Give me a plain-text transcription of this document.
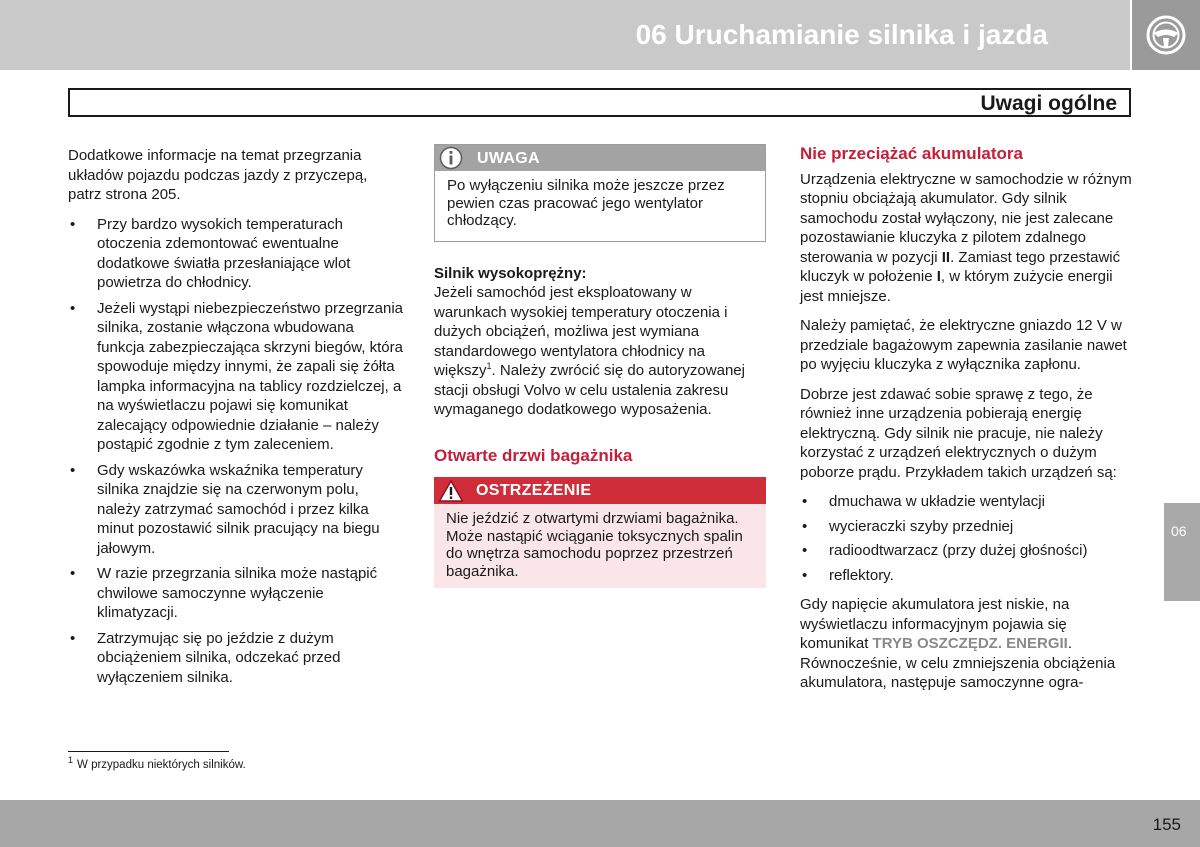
06 Uruchamianie silnika i jazda
Uwagi ogólne

Dodatkowe informacje na temat przegrzania układów pojazdu podczas jazdy z przyczepą, patrz strona 205.

• Przy bardzo wysokich temperaturach otoczenia zdemontować ewentualne dodatkowe światła przesłaniające wlot powietrza do chłodnicy.
• Jeżeli wystąpi niebezpieczeństwo przegrzania silnika, zostanie włączona wbudowana funkcja zabezpieczająca skrzyni biegów, która spowoduje między innymi, że zapali się żółta lampka informacyjna na tablicy rozdzielczej, a na wyświetlaczu pojawi się komunikat zalecający odpowiednie działanie – należy postąpić zgodnie z tym zaleceniem.
• Gdy wskazówka wskaźnika temperatury silnika znajdzie się na czerwonym polu, należy zatrzymać samochód i przez kilka minut pozostawić silnik pracujący na biegu jałowym.
• W razie przegrzania silnika może nastąpić chwilowe samoczynne wyłączenie klimatyzacji.
• Zatrzymując się po jeździe z dużym obciążeniem silnika, odczekać przed wyłączeniem silnika.
UWAGA
Po wyłączeniu silnika może jeszcze przez pewien czas pracować jego wentylator chłodzący.

Silnik wysokoprężny:
Jeżeli samochód jest eksploatowany w warunkach wysokiej temperatury otoczenia i dużych obciążeń, możliwa jest wymiana standardowego wentylatora chłodnicy na większy$^1$. Należy zwrócić się do autoryzowanej stacji obsługi Volvo w celu ustalenia zakresu wymaganego dodatkowego wyposażenia.

Otwarte drzwi bagażnika
OSTRZEŻENIE
Nie jeździć z otwartymi drzwiami bagażnika. Może nastąpić wciąganie toksycznych spalin do wnętrza samochodu poprzez przestrzeń bagażnika.
Nie przeciążać akumulatora

Urządzenia elektryczne w samochodzie w różnym stopniu obciążają akumulator. Gdy silnik samochodu został wyłączony, nie jest zalecane pozostawianie kluczyka z pilotem zdalnego sterowania w pozycji II. Zamiast tego przestawić kluczyk w położenie I, w którym zużycie energii jest mniejsze.

Należy pamiętać, że elektryczne gniazdo 12 V w przedziale bagażowym zapewnia zasilanie nawet po wyjęciu kluczyka z wyłącznika zapłonu.

Dobrze jest zdawać sobie sprawę z tego, że również inne urządzenia pobierają energię elektryczną. Gdy silnik nie pracuje, nie należy korzystać z urządzeń elektrycznych o dużym poborze prądu. Przykładem takich urządzeń są:

• dmuchawa w układzie wentylacji
• wycieraczki szyby przedniej
• radioodtwarzacz (przy dużej głośności)
• reflektory.

Gdy napięcie akumulatora jest niskie, na wyświetlaczu informacyjnym pojawia się komunikat TRYB OSZCZĘDZ. ENERGII. Równocześnie, w celu zmniejszenia obciążenia akumulatora, następuje samoczynne ogra-

06
$^1$ W przypadku niektórych silników.
155
